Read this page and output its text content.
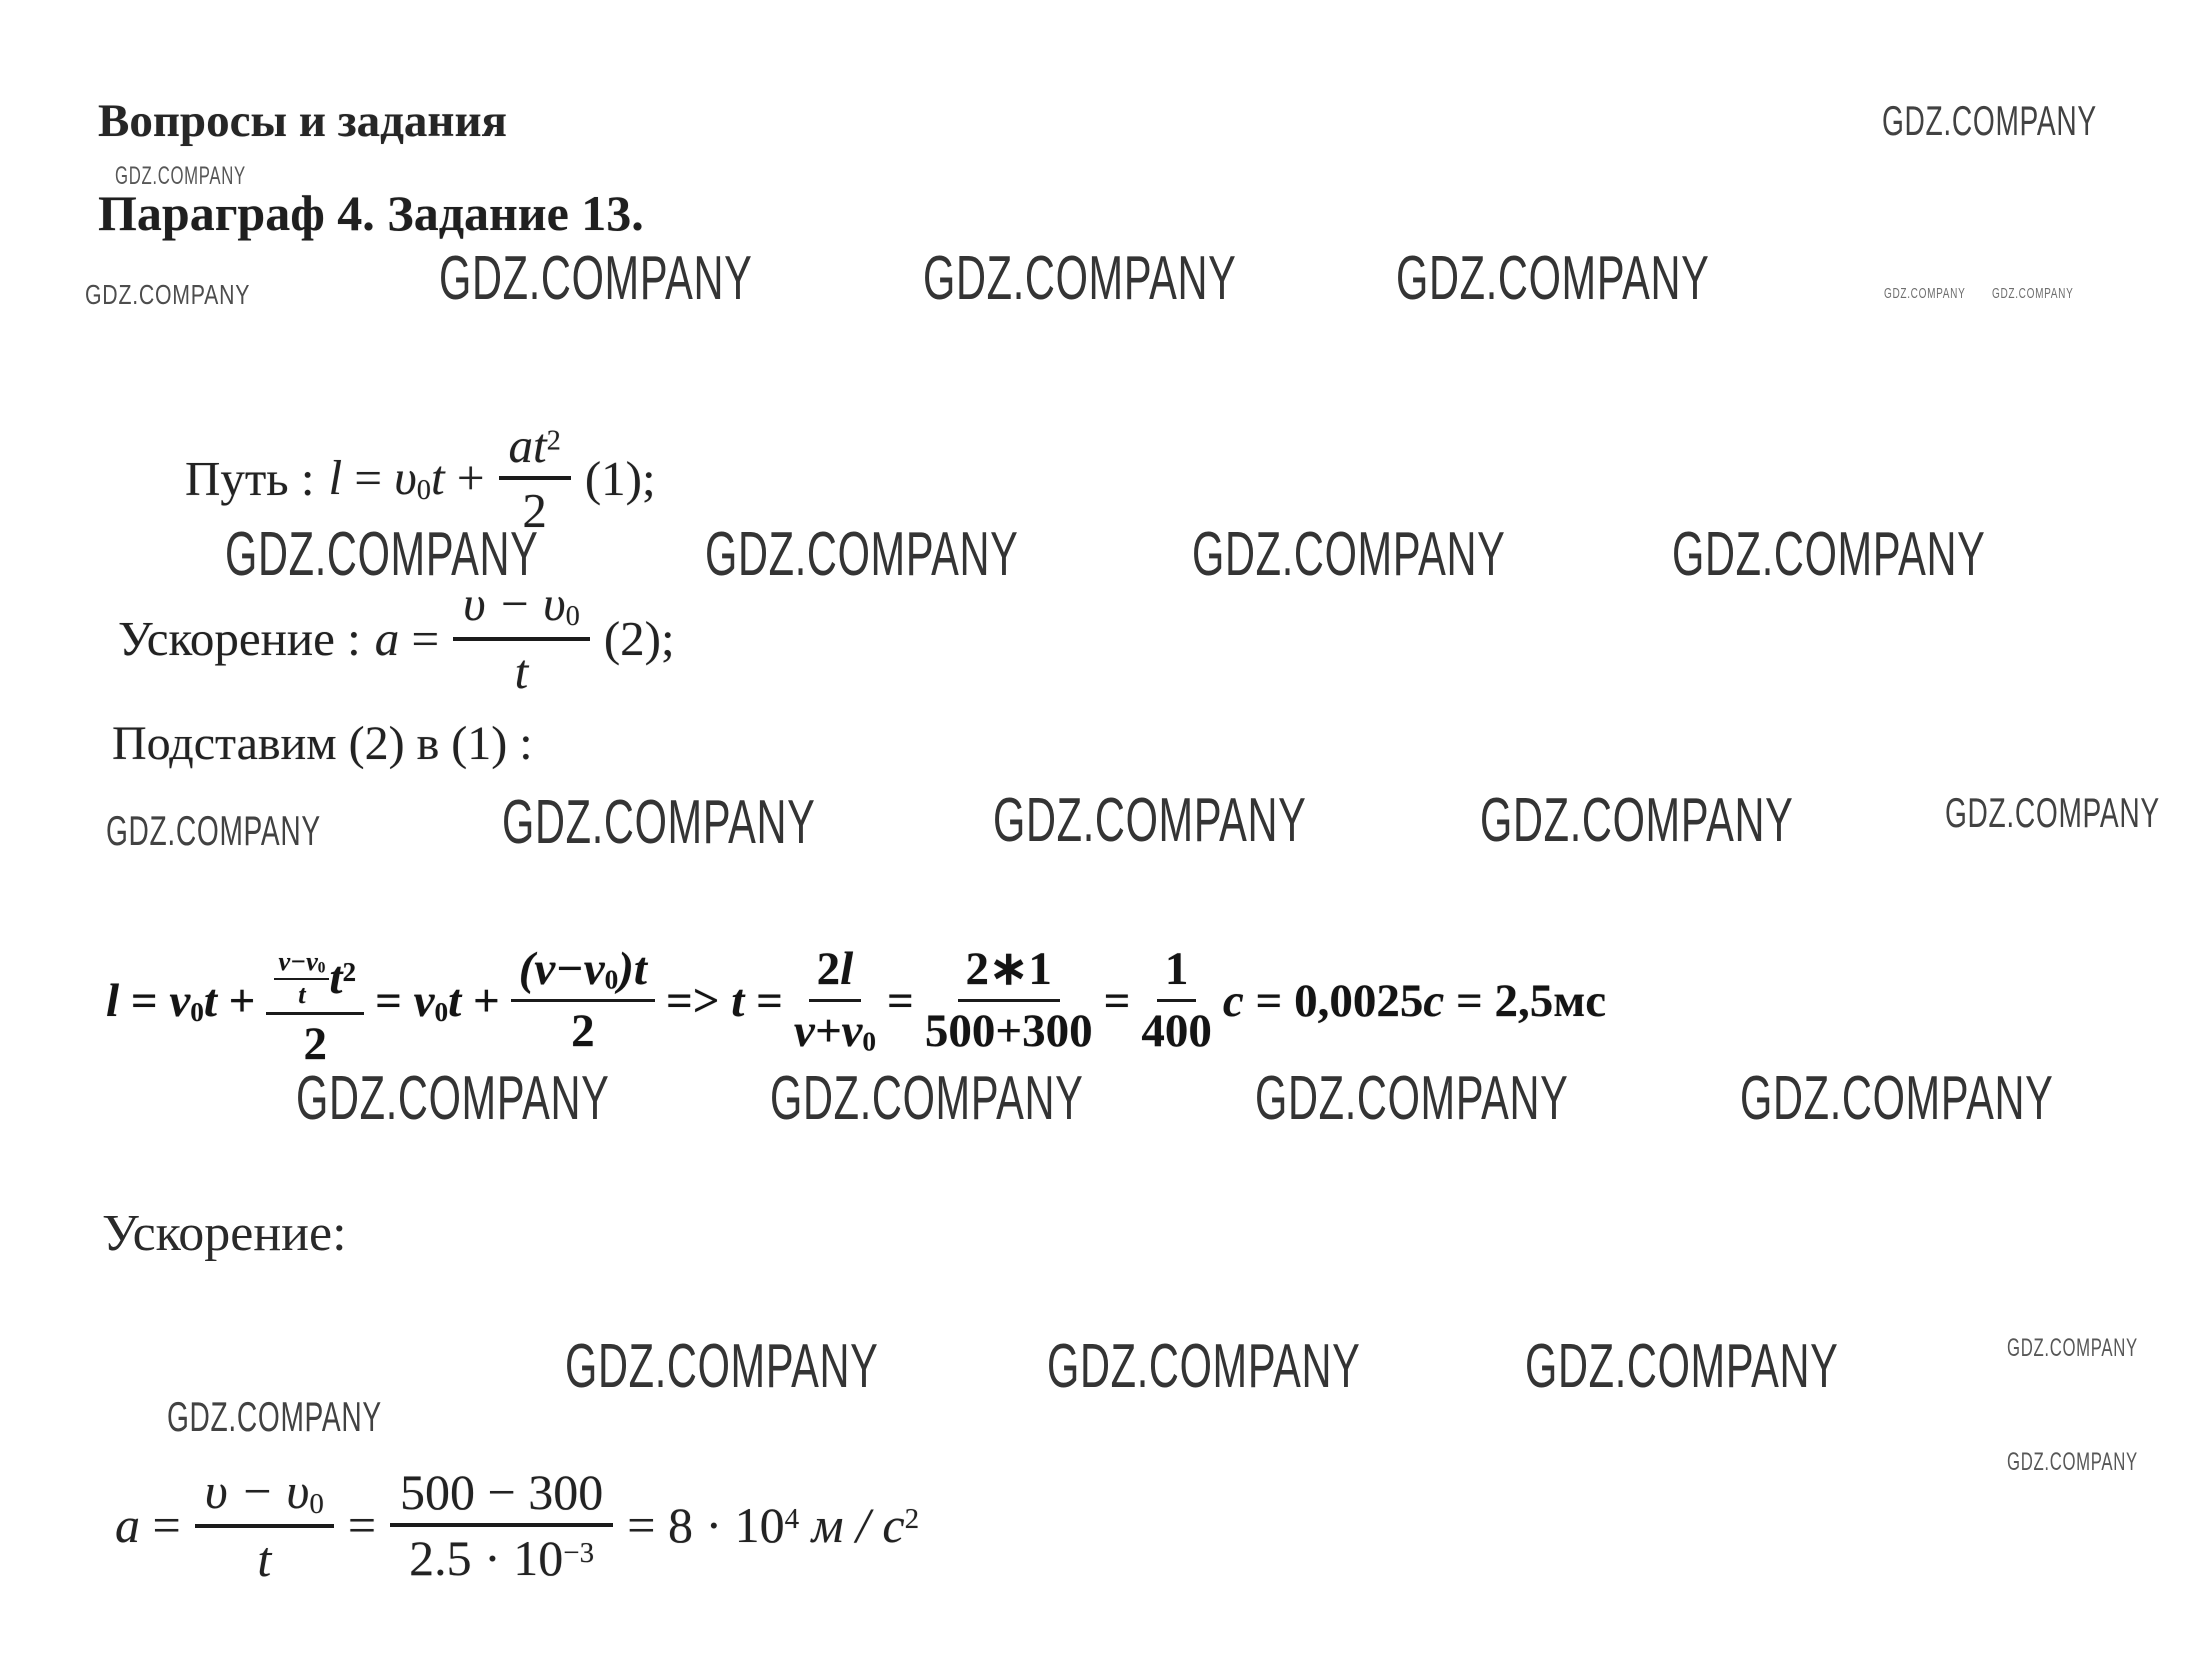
GDZ.COMPANY
GDZ.COMPANY
GDZ.COMPANY	GDZ.COMPANY	GDZ.COMPANY	GDZ.COMPANY	GDZ.COMPANY GDZ.COMPANY
GDZ.COMPANY	GDZ.COMPANY	GDZ.COMPANY	GDZ.COMPANY
GDZ.COMPANY	GDZ.COMPANY	GDZ.COMPANY	GDZ.COMPANY	GDZ.COMPANY
GDZ.COMPANY	GDZ.COMPANY	GDZ.COMPANY	GDZ.COMPANY
GDZ.COMPANY	GDZ.COMPANY	GDZ.COMPANY	GDZ.COMPANY
GDZ.COMPANY
GDZ.COMPANY
Вопросы и задания
Параграф 4. Задание 13.
Путь : $l = \upsilon 0t + \frac{at^2}{2} (1)$;
Ускорение : $a = \frac{\upsilon - \upsilon 0}{t} (2)$;
Подставим (2) в (1) :
$l = v0t + \frac{\frac{v-v0}{t} t^2}{2} = v0t + \frac{(v-v0)t}{2} => t = \frac{2l}{v+v0} = \frac{2∗1}{500+300} = \frac{1}{400}$ c = 0,0025c = 2,5мс
Ускорение:
$a = \frac{\upsilon - \upsilon 0}{t} = \frac{500 - 300}{2.5 \cdot 10^{-3}} = 8 \cdot 10^4$ м / $с^2$
